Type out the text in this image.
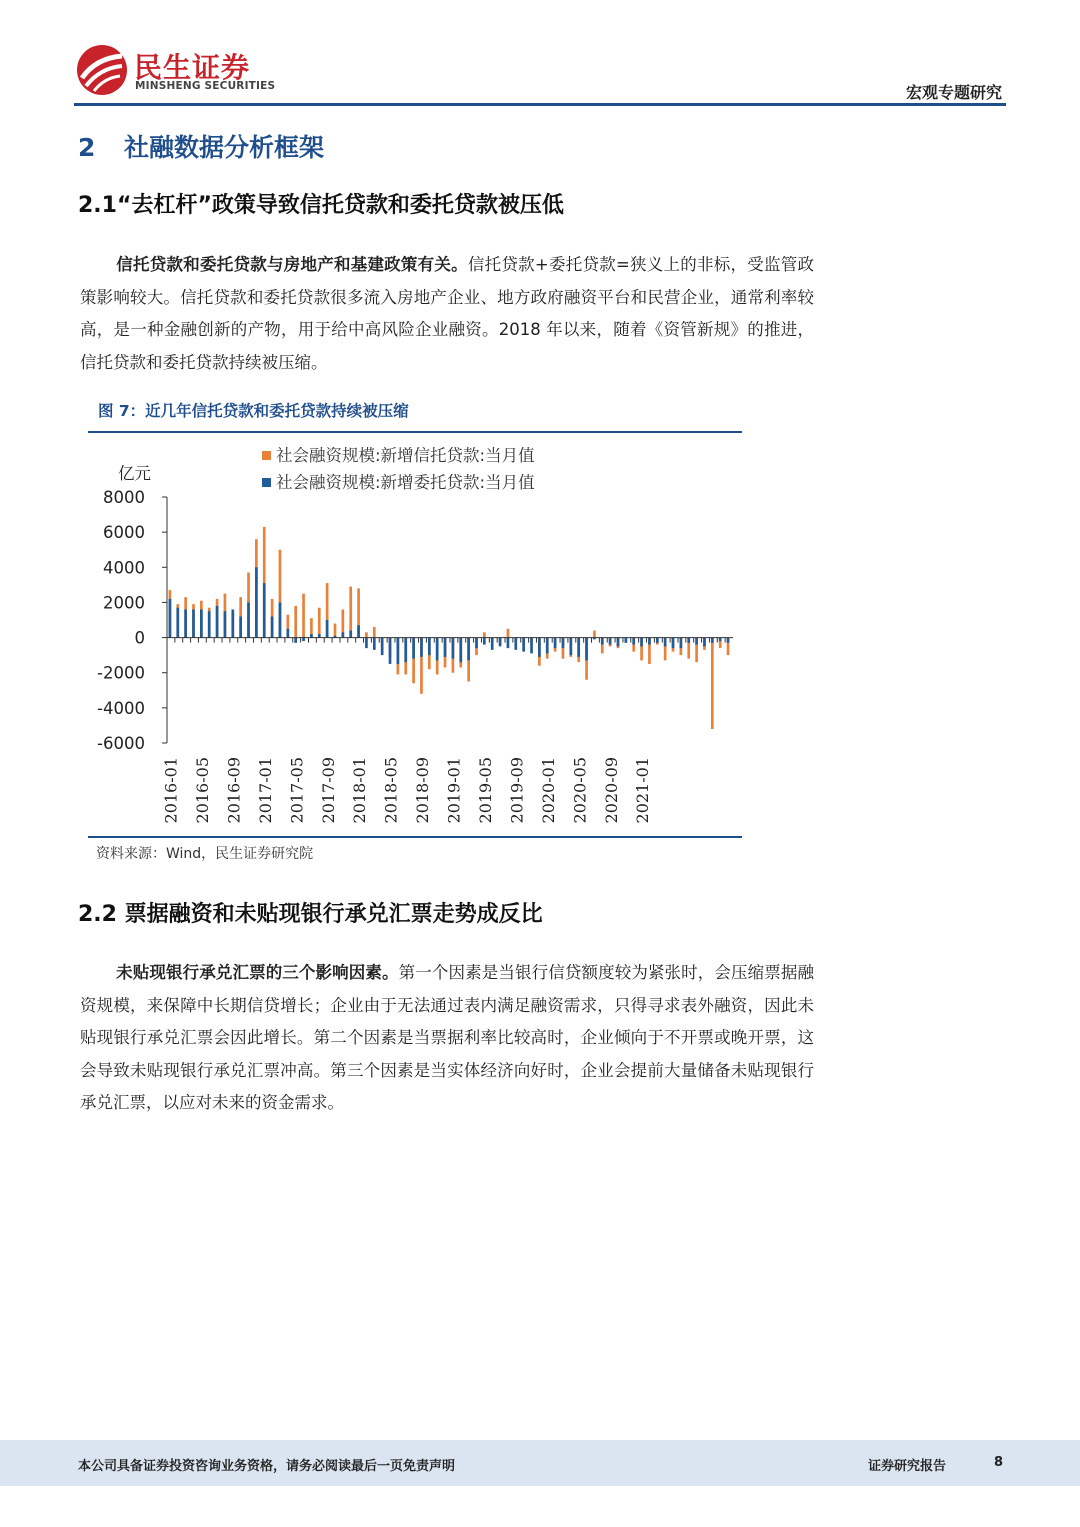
民生证券
MINSHENG SECURITIES	宏观专题研究
2 社融数据分析框架
2.1“去杠杆”政策导致信托贷款和委托贷款被压低
信托贷款和委托贷款与房地产和基建政策有关。信托贷款+委托贷款=狭义上的非标，受监管政策影响较大。信托贷款和委托贷款很多流入房地产企业、地方政府融资平台和民营企业，通常利率较高，是一种金融创新的产物，用于给中高风险企业融资。2018 年以来，随着《资管新规》的推进，信托贷款和委托贷款持续被压缩。
图 7：近几年信托贷款和委托贷款持续被压缩
社会融资规模:新增信托贷款:当月值
社会融资规模:新增委托贷款:当月值
亿元
8000
6000
4000
2000
0
-2000
-4000
-6000
2016-01 2016-05 2016-09 2017-01 2017-05 2017-09 2018-01 2018-05 2018-09 2019-01 2019-05 2019-09 2020-01 2020-05 2020-09 2021-01
资料来源：Wind，民生证券研究院
2.2 票据融资和未贴现银行承兑汇票走势成反比
未贴现银行承兑汇票的三个影响因素。第一个因素是当银行信贷额度较为紧张时，会压缩票据融资规模，来保障中长期信贷增长；企业由于无法通过表内满足融资需求，只得寻求表外融资，因此未贴现银行承兑汇票会因此增长。第二个因素是当票据利率比较高时，企业倾向于不开票或晚开票，这会导致未贴现银行承兑汇票冲高。第三个因素是当实体经济向好时，企业会提前大量储备未贴现银行承兑汇票，以应对未来的资金需求。
本公司具备证券投资咨询业务资格，请务必阅读最后一页免责声明	证券研究报告	8
